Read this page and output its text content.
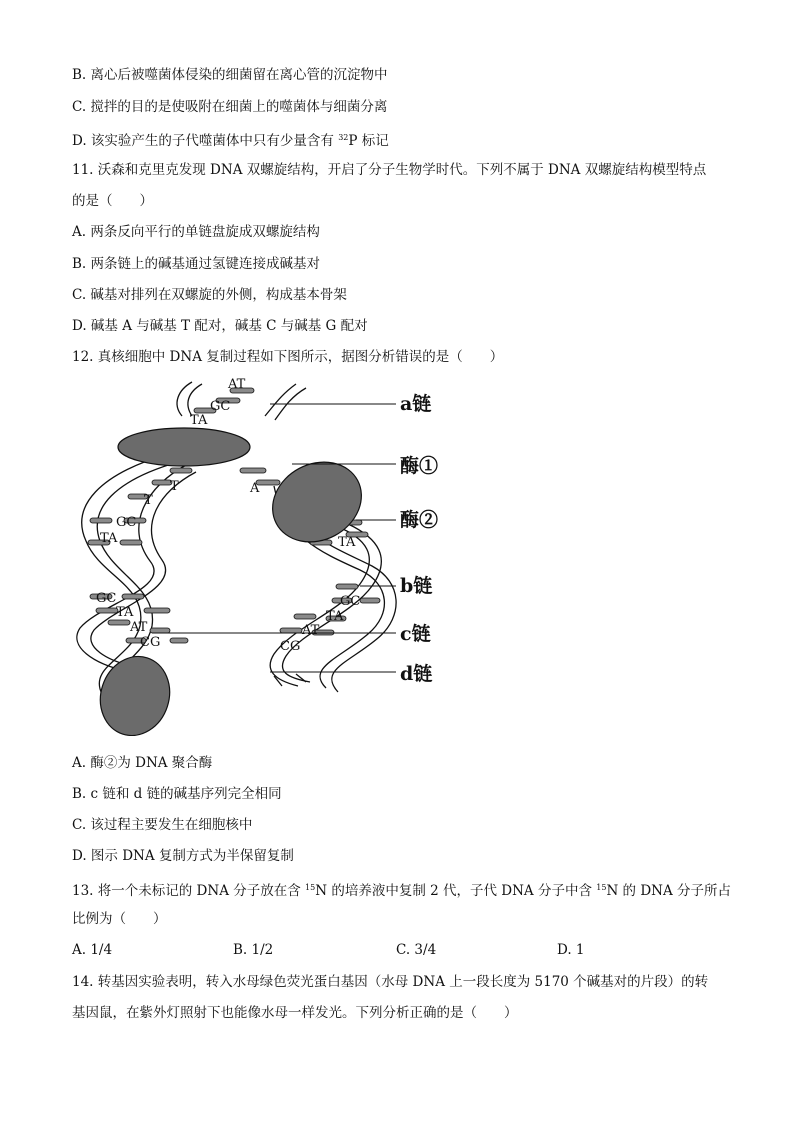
B. 离心后被噬菌体侵染的细菌留在离心管的沉淀物中
C. 搅拌的目的是使吸附在细菌上的噬菌体与细菌分离
D. 该实验产生的子代噬菌体中只有少量含有 $^{32}$P 标记
11. 沃森和克里克发现 DNA 双螺旋结构，开启了分子生物学时代。下列不属于 DNA 双螺旋结构模型特点
的是（　　）
A. 两条反向平行的单链盘旋成双螺旋结构
B. 两条链上的碱基通过氢键连接成碱基对
C. 碱基对排列在双螺旋的外侧，构成基本骨架
D. 碱基 A 与碱基 T 配对，碱基 C 与碱基 G 配对
12. 真核细胞中 DNA 复制过程如下图所示，据图分析错误的是（　　）
AT
GC
TA
T
T
A
GC
TA
GC
TA
AT
CG
TA
GC
TA
AT
CG
a链
酶①
酶②
b链
c链
d链
A. 酶②为 DNA 聚合酶
B. c 链和 d 链的碱基序列完全相同
C. 该过程主要发生在细胞核中
D. 图示 DNA 复制方式为半保留复制
13. 将一个未标记的 DNA 分子放在含 $^{15}$N 的培养液中复制 2 代，子代 DNA 分子中含 $^{15}$N 的 DNA 分子所占
比例为（　　）
A. 1/4	B. 1/2	C. 3/4	D. 1
14. 转基因实验表明，转入水母绿色荧光蛋白基因（水母 DNA 上一段长度为 5170 个碱基对的片段）的转
基因鼠，在紫外灯照射下也能像水母一样发光。下列分析正确的是（　　）
